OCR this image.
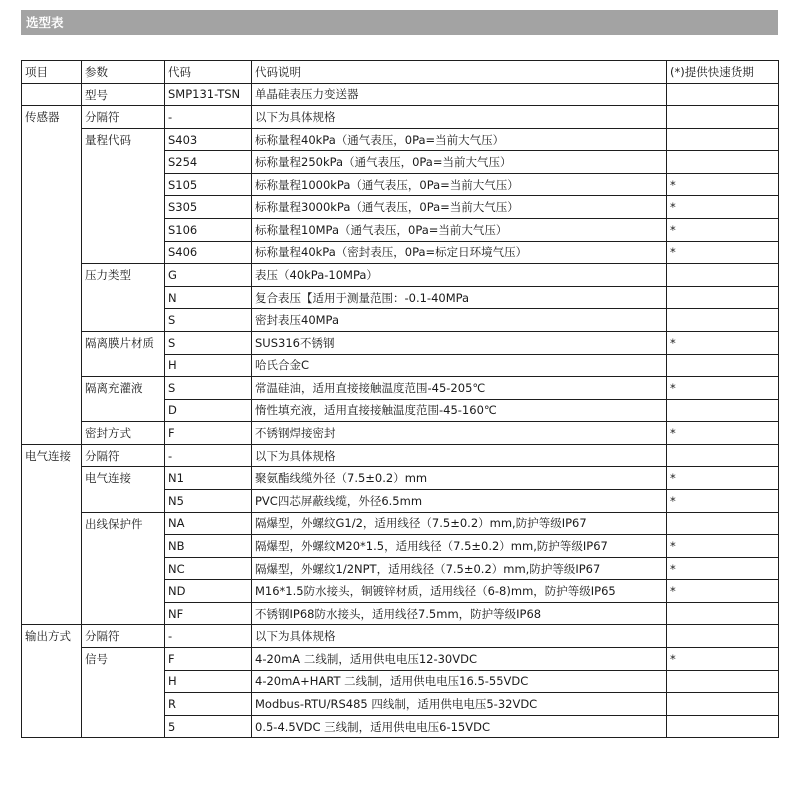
选型表
项目	参数	代码	代码说明	(*)提供快速货期
	型号	SMP131-TSN	单晶硅表压力变送器	
传感器	分隔符	-	以下为具体规格	
	量程代码	S403	标称量程40kPa（通气表压，0Pa=当前大气压）	
		S254	标称量程250kPa（通气表压，0Pa=当前大气压）	
		S105	标称量程1000kPa（通气表压，0Pa=当前大气压）	*
		S305	标称量程3000kPa（通气表压，0Pa=当前大气压）	*
		S106	标称量程10MPa（通气表压，0Pa=当前大气压）	*
		S406	标称量程40kPa（密封表压，0Pa=标定日环境气压）	*
	压力类型	G	表压（40kPa-10MPa）	
		N	复合表压【适用于测量范围：-0.1-40MPa	
		S	密封表压40MPa	
	隔离膜片材质	S	SUS316不锈钢	*
		H	哈氏合金C	
	隔离充灌液	S	常温硅油，适用直接接触温度范围-45-205℃	*
		D	惰性填充液，适用直接接触温度范围-45-160℃	
	密封方式	F	不锈钢焊接密封	*
电气连接	分隔符	-	以下为具体规格	
	电气连接	N1	聚氨酯线缆外径（7.5±0.2）mm	*
		N5	PVC四芯屏蔽线缆，外径6.5mm	*
	出线保护件	NA	隔爆型，外螺纹G1/2，适用线径（7.5±0.2）mm,防护等级IP67	
		NB	隔爆型，外螺纹M20*1.5，适用线径（7.5±0.2）mm,防护等级IP67	*
		NC	隔爆型，外螺纹1/2NPT，适用线径（7.5±0.2）mm,防护等级IP67	*
		ND	M16*1.5防水接头，铜镀锌材质，适用线径（6-8)mm，防护等级IP65	*
		NF	不锈钢IP68防水接头，适用线径7.5mm，防护等级IP68	
输出方式	分隔符	-	以下为具体规格	
	信号	F	4-20mA 二线制，适用供电电压12-30VDC	*
		H	4-20mA+HART 二线制，适用供电电压16.5-55VDC	
		R	Modbus-RTU/RS485 四线制，适用供电电压5-32VDC	
		5	0.5-4.5VDC 三线制，适用供电电压6-15VDC	
